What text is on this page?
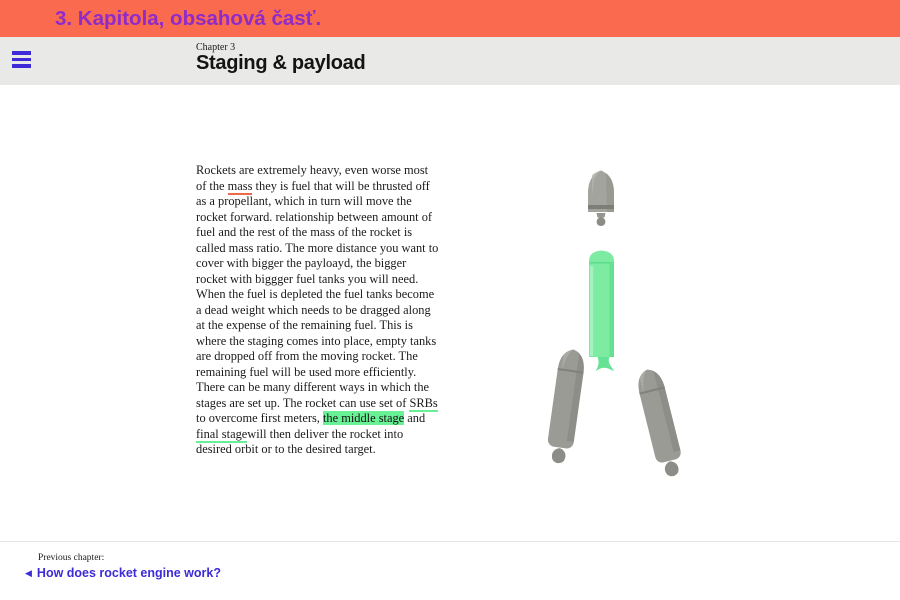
3. Kapitola, obsahová časť.
Chapter 3
Staging & payload
Rockets are extremely heavy, even worse most of the mass they is fuel that will be thrusted off as a propellant, which in turn will move the rocket forward. relationship between amount of fuel and the rest of the mass of the rocket is called mass ratio. The more distance you want to cover with bigger the payloayd, the bigger rocket with biggger fuel tanks you will need. When the fuel is depleted the fuel tanks become a dead weight which needs to be dragged along at the expense of the remaining fuel. This is where the staging comes into place, empty tanks are dropped off from the moving rocket. The remaining fuel will be used more efficiently. There can be many different ways in which the stages are set up. The rocket can use set of SRBs to overcome first meters, the middle stage and final stagewill then deliver the rocket into desired orbit or to the desired target.
Previous chapter:
◀ How does rocket engine work?
